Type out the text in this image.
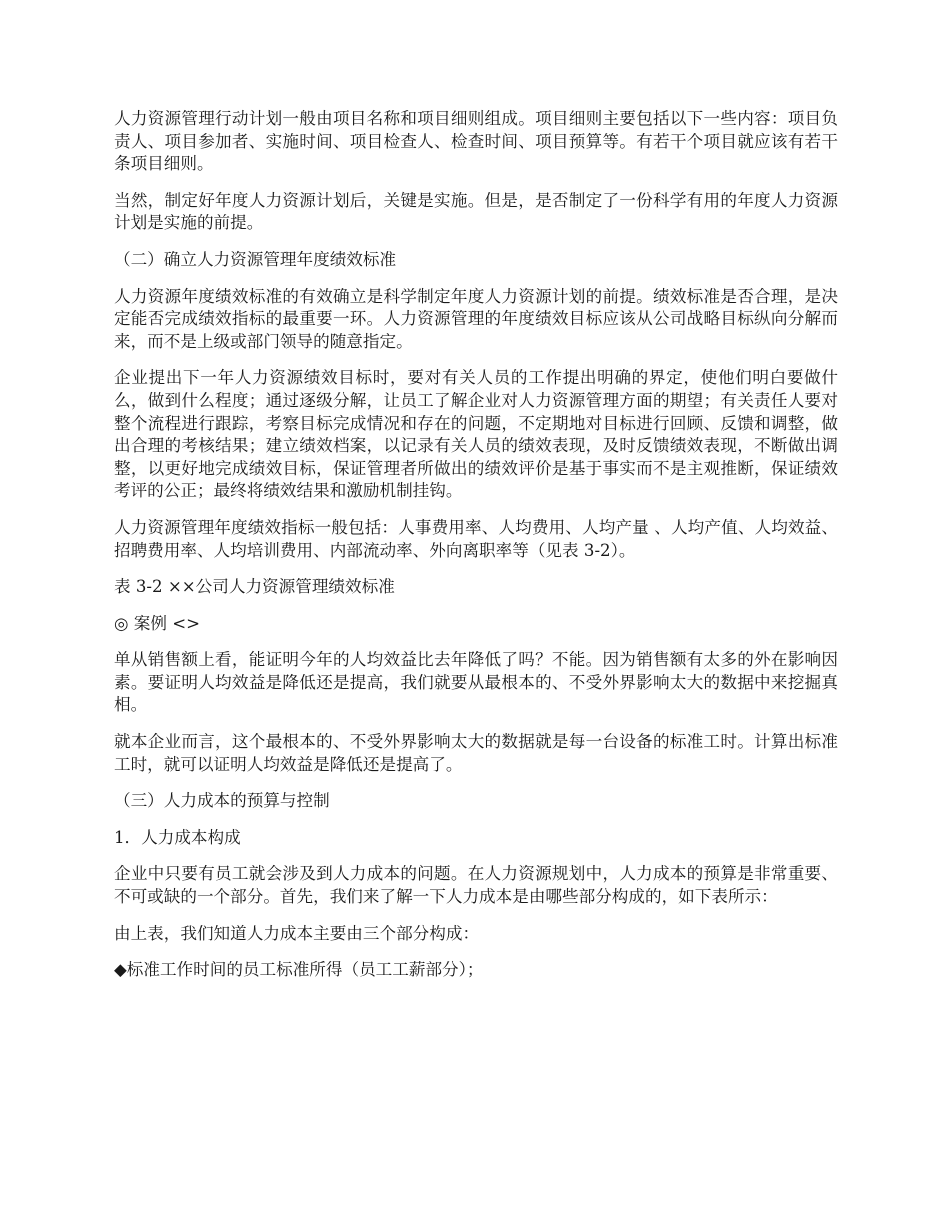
人力资源管理行动计划一般由项目名称和项目细则组成。项目细则主要包括以下一些内容：项目负责人、项目参加者、实施时间、项目检查人、检查时间、项目预算等。有若干个项目就应该有若干条项目细则。

当然，制定好年度人力资源计划后，关键是实施。但是，是否制定了一份科学有用的年度人力资源计划是实施的前提。

（二）确立人力资源管理年度绩效标准

人力资源年度绩效标准的有效确立是科学制定年度人力资源计划的前提。绩效标准是否合理，是决定能否完成绩效指标的最重要一环。人力资源管理的年度绩效目标应该从公司战略目标纵向分解而来，而不是上级或部门领导的随意指定。

企业提出下一年人力资源绩效目标时，要对有关人员的工作提出明确的界定，使他们明白要做什么，做到什么程度；通过逐级分解，让员工了解企业对人力资源管理方面的期望；有关责任人要对整个流程进行跟踪，考察目标完成情况和存在的问题，不定期地对目标进行回顾、反馈和调整，做出合理的考核结果；建立绩效档案，以记录有关人员的绩效表现，及时反馈绩效表现，不断做出调整，以更好地完成绩效目标，保证管理者所做出的绩效评价是基于事实而不是主观推断，保证绩效考评的公正；最终将绩效结果和激励机制挂钩。

人力资源管理年度绩效指标一般包括：人事费用率、人均费用、人均产量 、人均产值、人均效益、招聘费用率、人均培训费用、内部流动率、外向离职率等（见表 3-2）。

表 3-2 ××公司人力资源管理绩效标准

◎ 案例 <>

单从销售额上看，能证明今年的人均效益比去年降低了吗？不能。因为销售额有太多的外在影响因素。要证明人均效益是降低还是提高，我们就要从最根本的、不受外界影响太大的数据中来挖掘真相。

就本企业而言，这个最根本的、不受外界影响太大的数据就是每一台设备的标准工时。计算出标准工时，就可以证明人均效益是降低还是提高了。

（三）人力成本的预算与控制

1．人力成本构成

企业中只要有员工就会涉及到人力成本的问题。在人力资源规划中，人力成本的预算是非常重要、不可或缺的一个部分。首先，我们来了解一下人力成本是由哪些部分构成的，如下表所示：

由上表，我们知道人力成本主要由三个部分构成：

◆标准工作时间的员工标准所得（员工工薪部分）；
